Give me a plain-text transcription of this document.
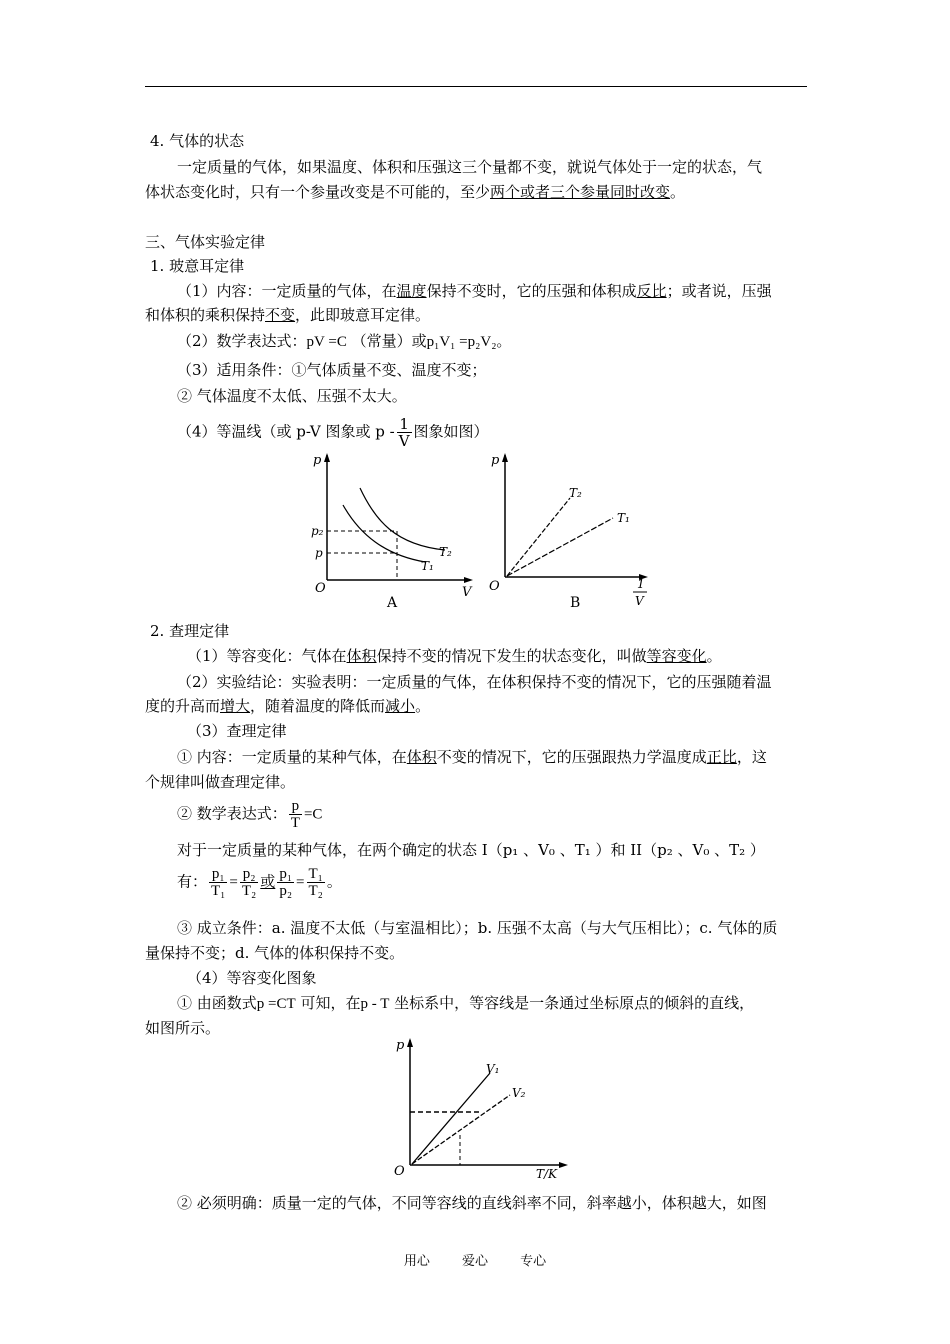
4. 气体的状态
一定质量的气体，如果温度、体积和压强这三个量都不变，就说气体处于一定的状态，气
体状态变化时，只有一个参量改变是不可能的，至少两个或者三个参量同时改变。
三、气体实验定律
1. 玻意耳定律
（1）内容：一定质量的气体，在温度保持不变时，它的压强和体积成反比；或者说，压强
和体积的乘积保持不变，此即玻意耳定律。
（2）数学表达式：pV =C （常量）或p₁V₁ =p₂V₂。
（3）适用条件：①气体质量不变、温度不变；
② 气体温度不太低、压强不太大。
（4）等温线（或 p-V 图象或 p - $\frac{1}{V}$ 图象如图）
p
V
O
p₂
p	T₂
T₁
A
p
O
T₂
T₁
1
V
B
2. 查理定律
（1）等容变化：气体在体积保持不变的情况下发生的状态变化，叫做等容变化。
（2）实验结论：实验表明：一定质量的气体，在体积保持不变的情况下，它的压强随着温
度的升高而增大，随着温度的降低而减小。
（3）查理定律
① 内容：一定质量的某种气体，在体积不变的情况下，它的压强跟热力学温度成正比，这
个规律叫做查理定律。
② 数学表达式： $\frac{p}{T} =C$
对于一定质量的某种气体，在两个确定的状态 I（p₁ 、V₀ 、T₁ ）和 II（p₂ 、V₀ 、T₂ ）
有： $\frac{\text{p₁}}{\text{T₁}} = \frac{\text{p₂}}{\text{T₂}}$ 或 $\frac{\text{p₁}}{\text{p₂}} = \frac{\text{T₁}}{\text{T₂}}$ 。
③ 成立条件：a. 温度不太低（与室温相比）；b. 压强不太高（与大气压相比）；c. 气体的质
量保持不变；d. 气体的体积保持不变。
（4）等容变化图象
① 由函数式p =CT 可知，在p - T 坐标系中，等容线是一条通过坐标原点的倾斜的直线，
如图所示。
p
O
V₁
V₂
T/K
② 必须明确：质量一定的气体，不同等容线的直线斜率不同，斜率越小，体积越大，如图
用心 爱心 专心
